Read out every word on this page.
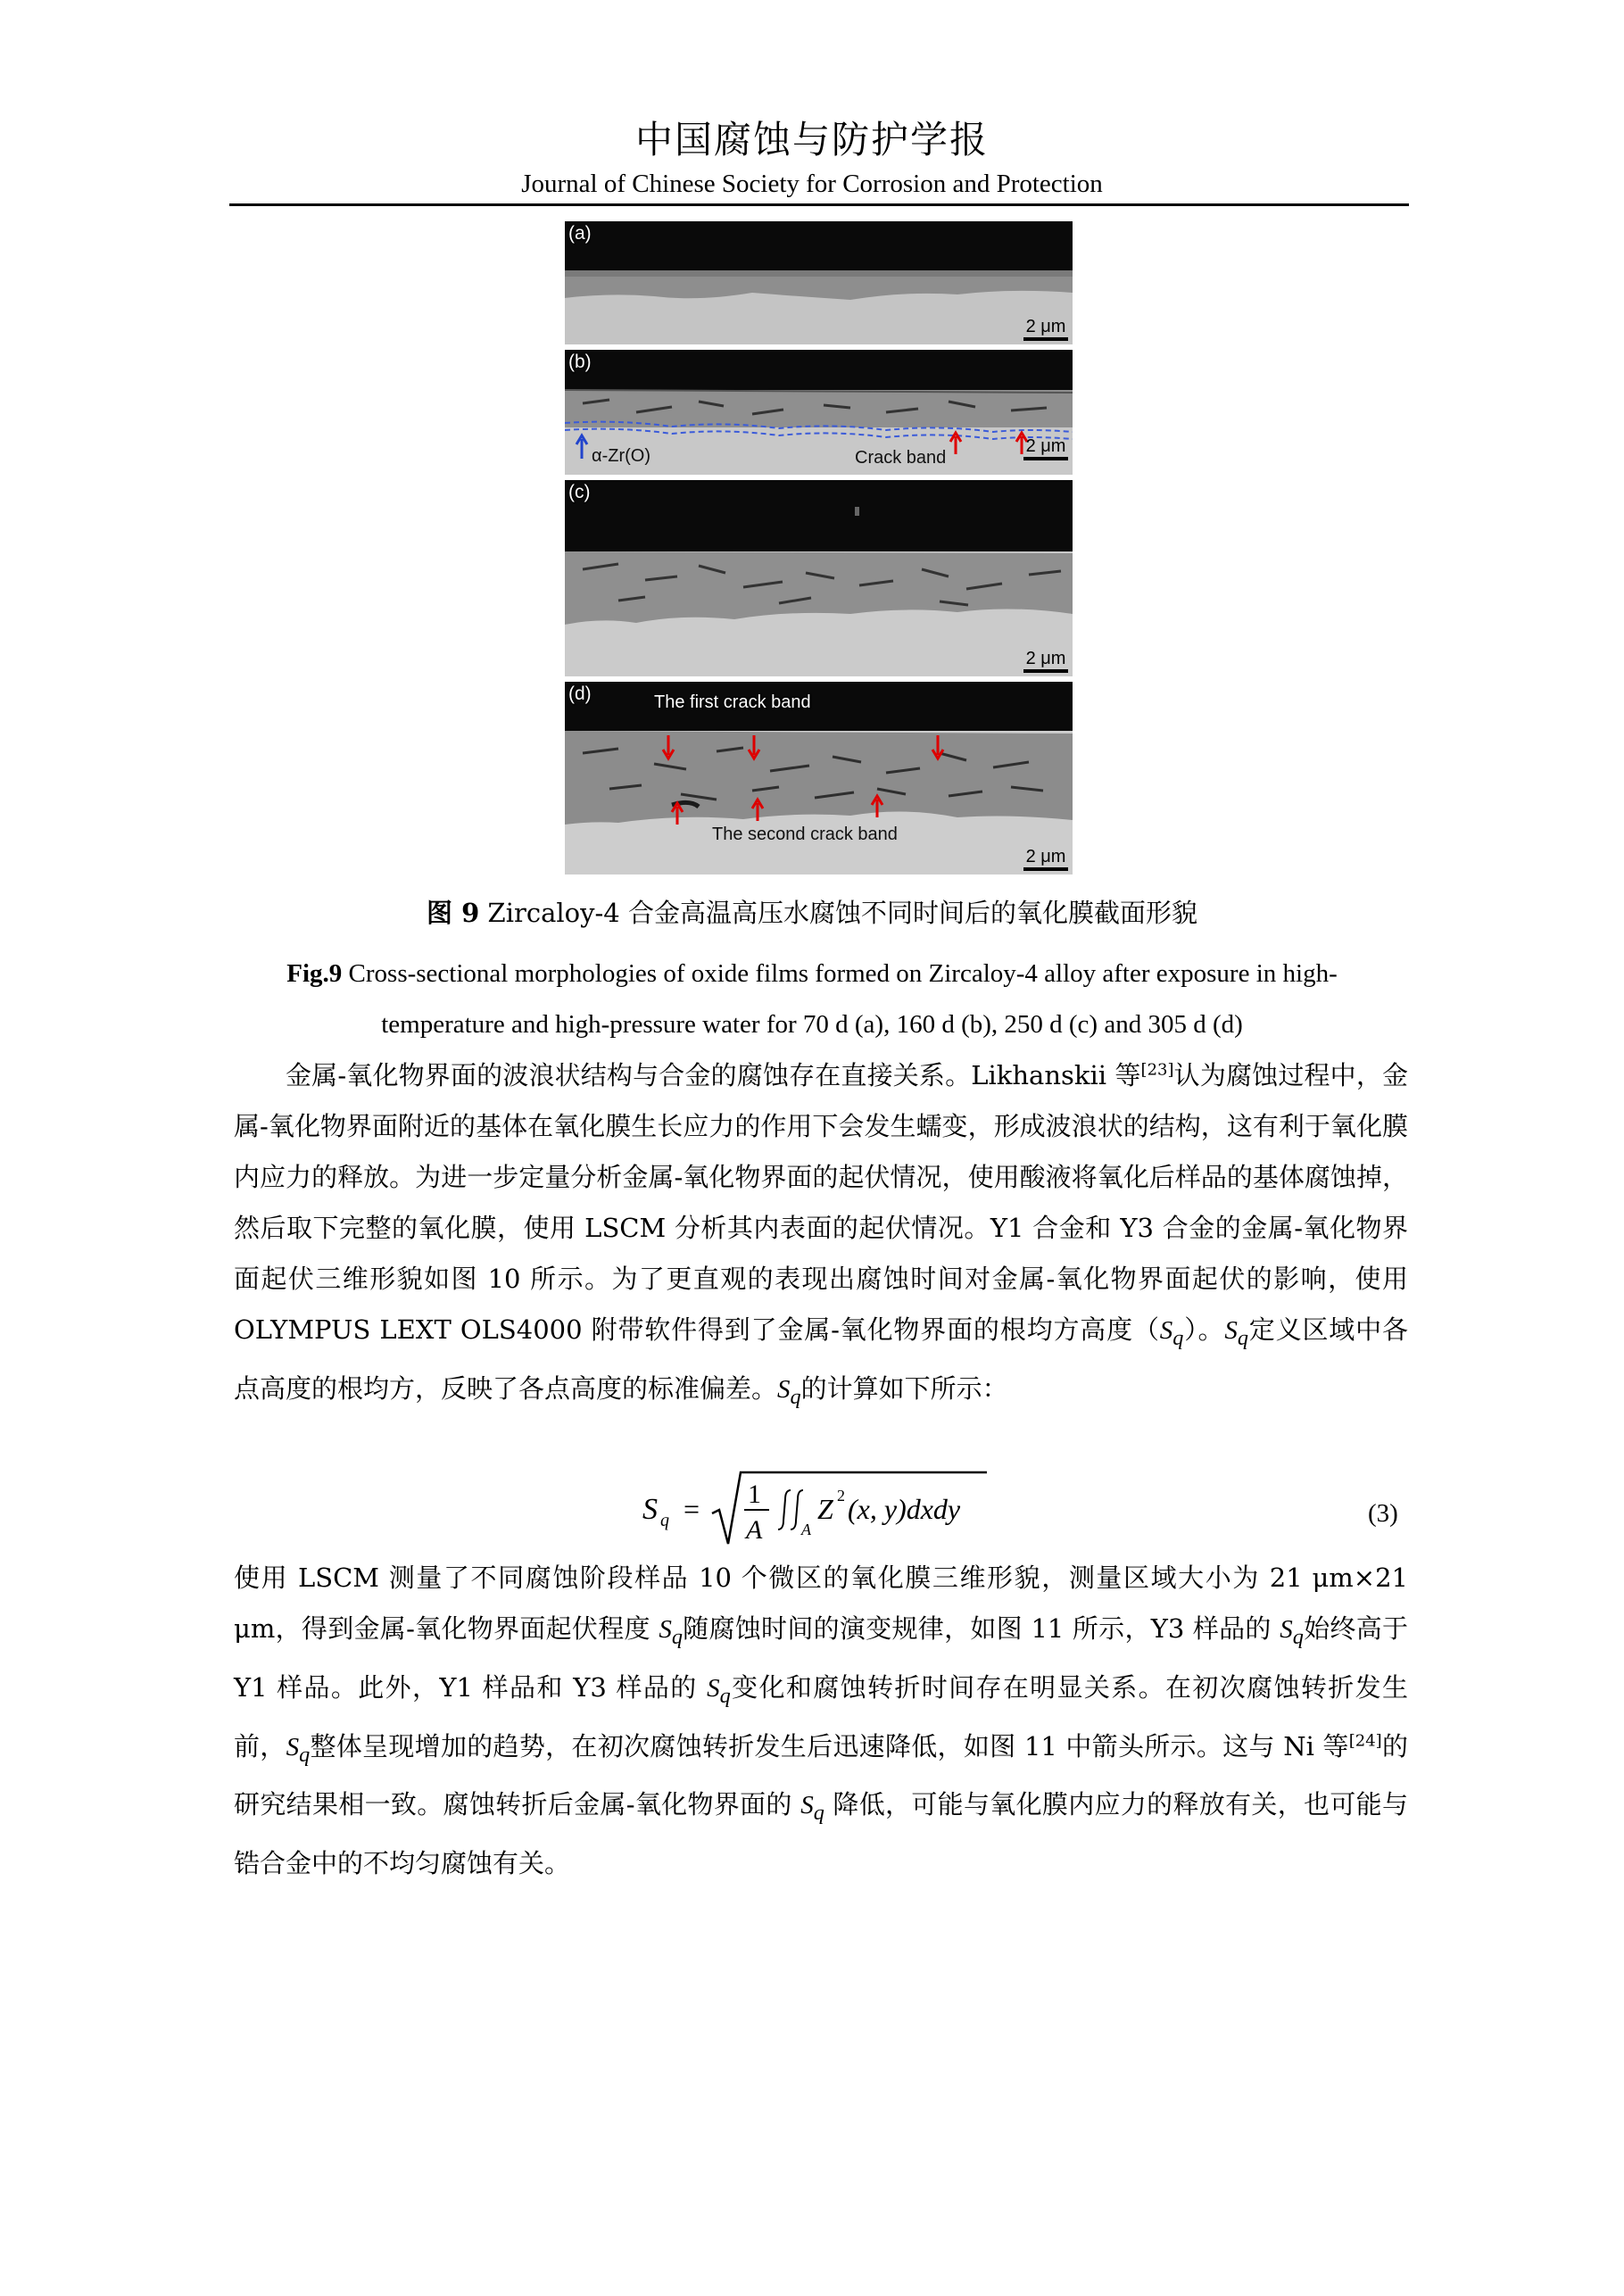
中国腐蚀与防护学报
Journal of Chinese Society for Corrosion and Protection
(a)
2 μm
(b)
α-Zr(O)	Crack band
2 μm
(c)
2 μm
(d)	The first crack band
The second crack band
2 μm
图 9 Zircaloy-4 合金高温高压水腐蚀不同时间后的氧化膜截面形貌
Fig.9 Cross-sectional morphologies of oxide films formed on Zircaloy-4 alloy after exposure in high-temperature and high-pressure water for 70 d (a), 160 d (b), 250 d (c) and 305 d (d)
金属-氧化物界面的波浪状结构与合金的腐蚀存在直接关系。Likhanskii 等[23]认为腐蚀过程中，金属-氧化物界面附近的基体在氧化膜生长应力的作用下会发生蠕变，形成波浪状的结构，这有利于氧化膜内应力的释放。为进一步定量分析金属-氧化物界面的起伏情况，使用酸液将氧化后样品的基体腐蚀掉，然后取下完整的氧化膜，使用 LSCM 分析其内表面的起伏情况。Y1 合金和 Y3 合金的金属-氧化物界面起伏三维形貌如图 10 所示。为了更直观的表现出腐蚀时间对金属-氧化物界面起伏的影响，使用 OLYMPUS LEXT OLS4000 附带软件得到了金属-氧化物界面的根均方高度$(S_q)$。$S_q$定义区域中各点高度的根均方，反映了各点高度的标准偏差。$S_q$的计算如下所示：
S q = 1
A A
Z 2 (x, y)dxdy	(3)
使用 LSCM 测量了不同腐蚀阶段样品 10 个微区的氧化膜三维形貌，测量区域大小为 21 μm×21 μm，得到金属-氧化物界面起伏程度 $S_q$随腐蚀时间的演变规律，如图 11 所示，Y3 样品的 $S_q$始终高于 Y1 样品。此外，Y1 样品和 Y3 样品的 $S_q$变化和腐蚀转折时间存在明显关系。在初次腐蚀转折发生前，$S_q$整体呈现增加的趋势，在初次腐蚀转折发生后迅速降低，如图 11 中箭头所示。这与 Ni 等[24]的研究结果相一致。腐蚀转折后金属-氧化物界面的 $S_q$ 降低，可能与氧化膜内应力的释放有关，也可能与锆合金中的不均匀腐蚀有关。
